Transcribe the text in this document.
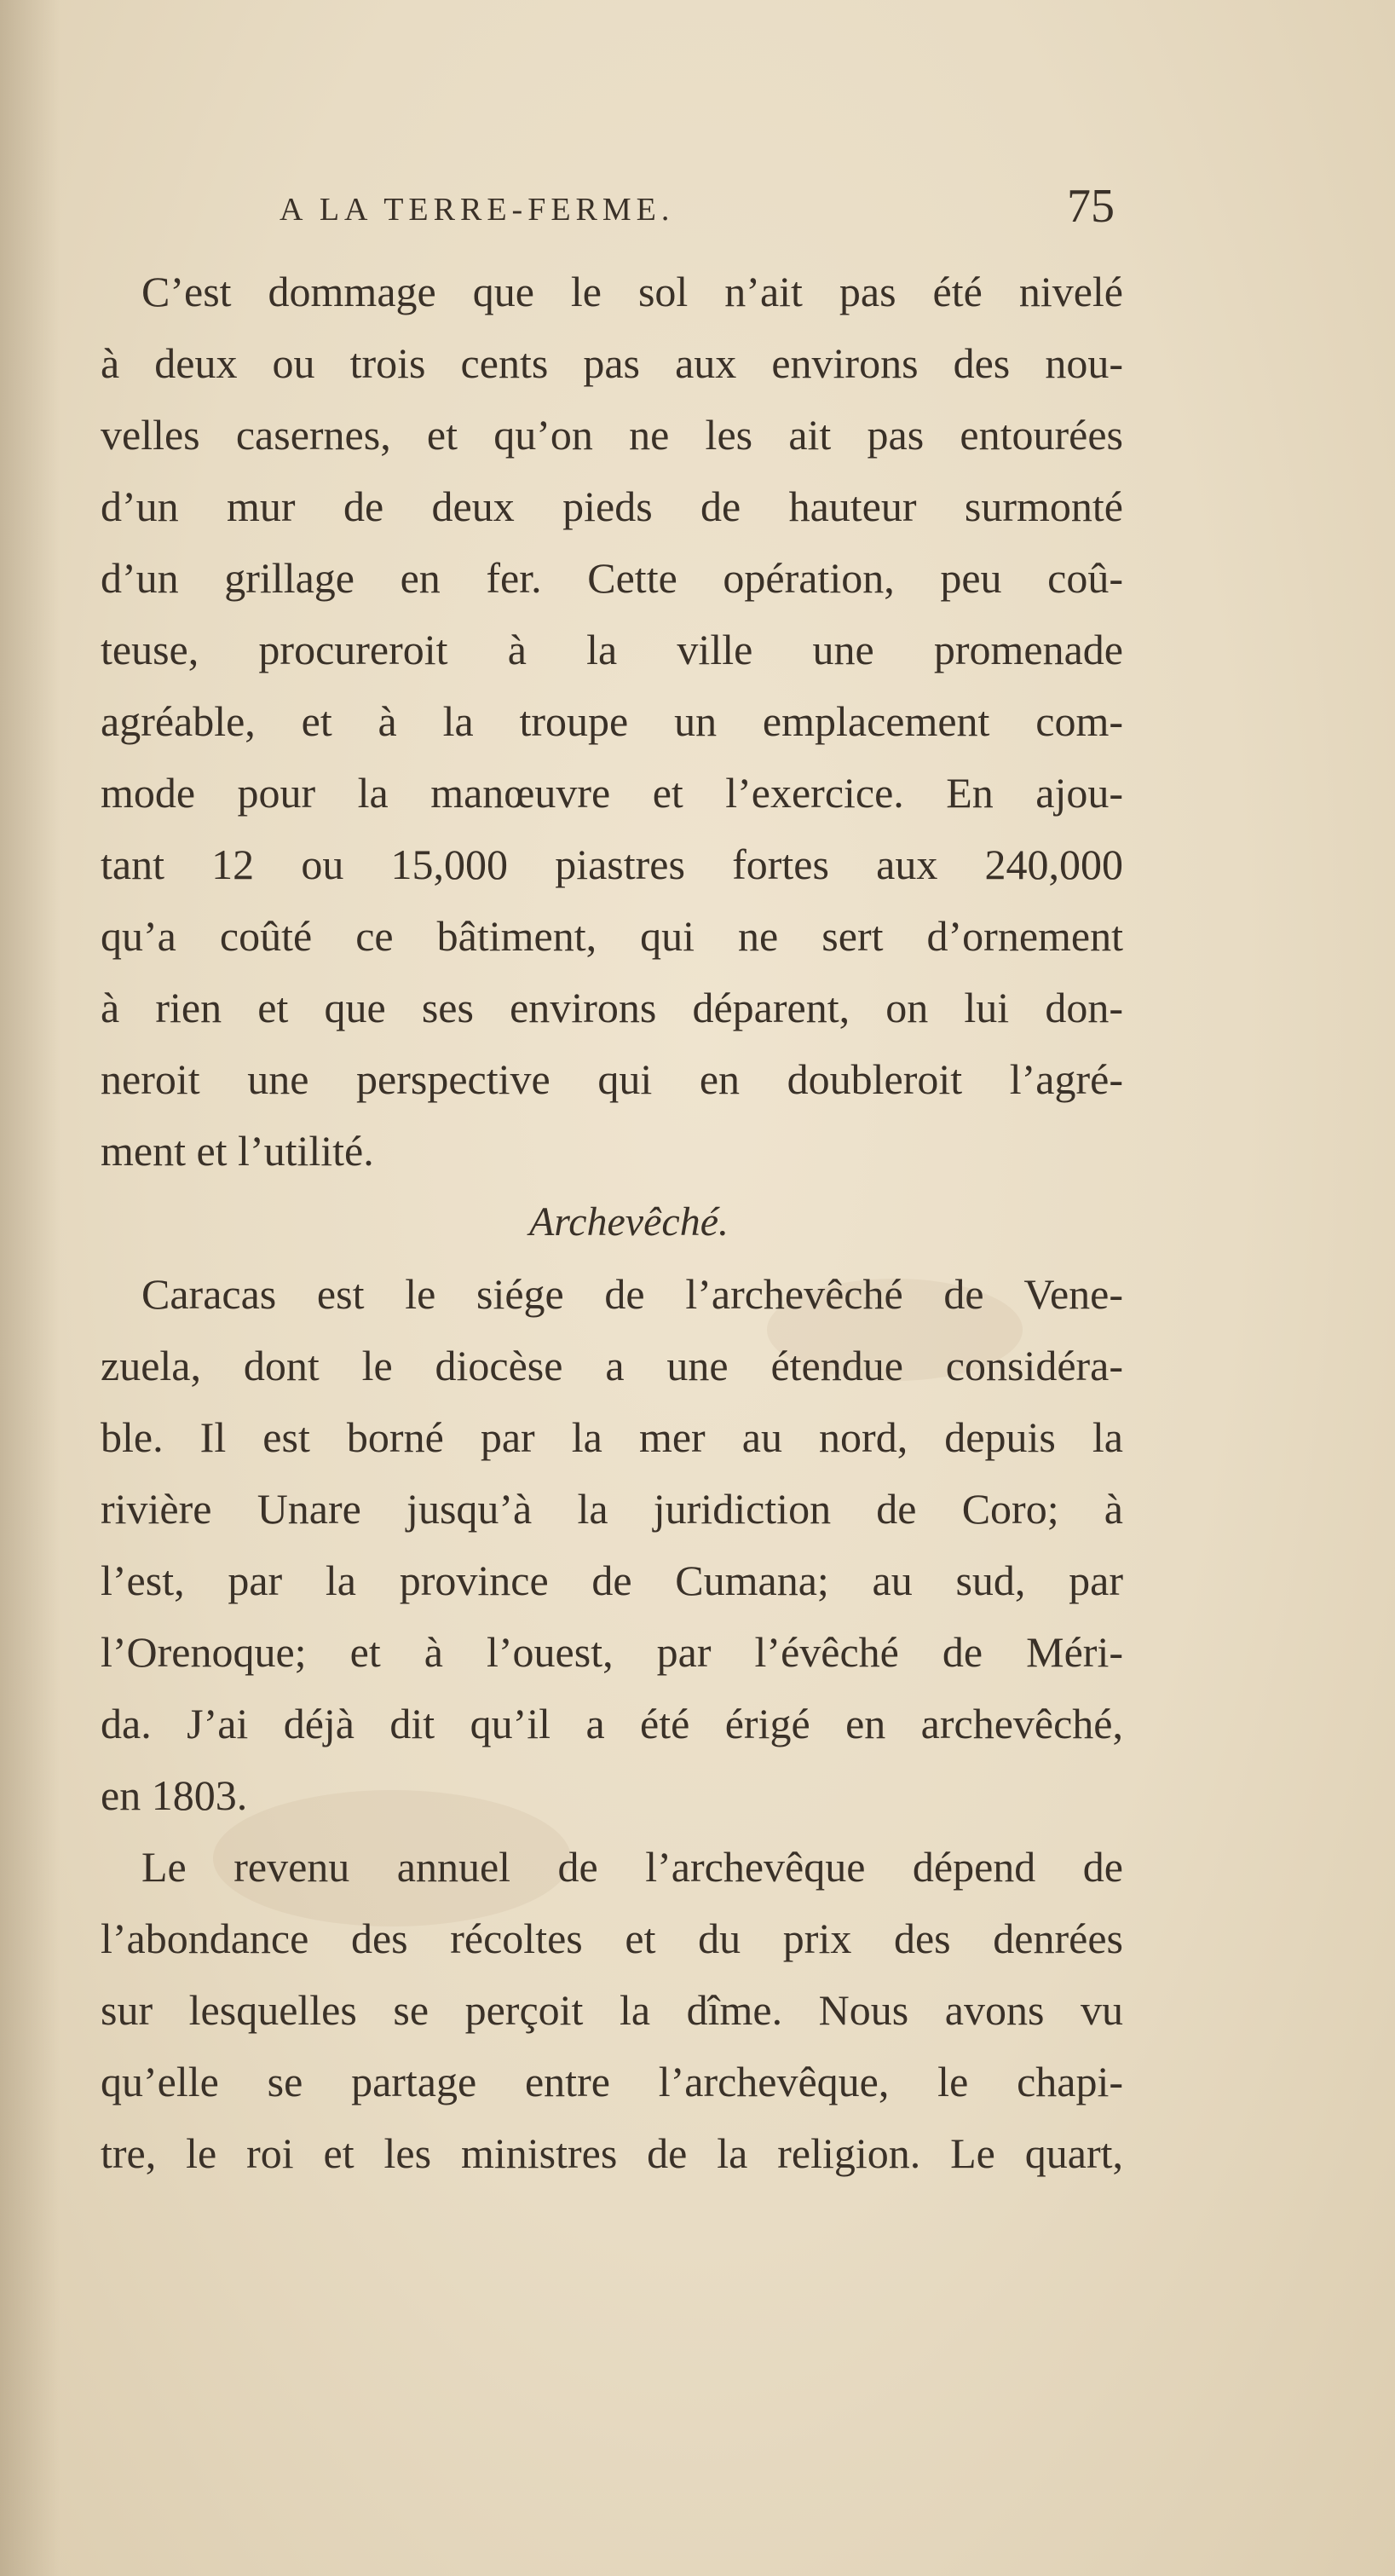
A LA TERRE-FERME.	75
C’est dommage que le sol n’ait pas été nivelé
à deux ou trois cents pas aux environs des nou-
velles casernes, et qu’on ne les ait pas entourées
d’un mur de deux pieds de hauteur surmonté
d’un grillage en fer. Cette opération, peu coû-
teuse, procureroit à la ville une promenade
agréable, et à la troupe un emplacement com-
mode pour la manœuvre et l’exercice. En ajou-
tant 12 ou 15,000 piastres fortes aux 240,000
qu’a coûté ce bâtiment, qui ne sert d’ornement
à rien et que ses environs déparent, on lui don-
neroit une perspective qui en doubleroit l’agré-
ment et l’utilité.
Archevêché.
Caracas est le siége de l’archevêché de Vene-
zuela, dont le diocèse a une étendue considéra-
ble. Il est borné par la mer au nord, depuis la
rivière Unare jusqu’à la juridiction de Coro; à
l’est, par la province de Cumana; au sud, par
l’Orenoque; et à l’ouest, par l’évêché de Méri-
da. J’ai déjà dit qu’il a été érigé en archevêché,
en 1803.
Le revenu annuel de l’archevêque dépend de
l’abondance des récoltes et du prix des denrées
sur lesquelles se perçoit la dîme. Nous avons vu
qu’elle se partage entre l’archevêque, le chapi-
tre, le roi et les ministres de la religion. Le quart,
